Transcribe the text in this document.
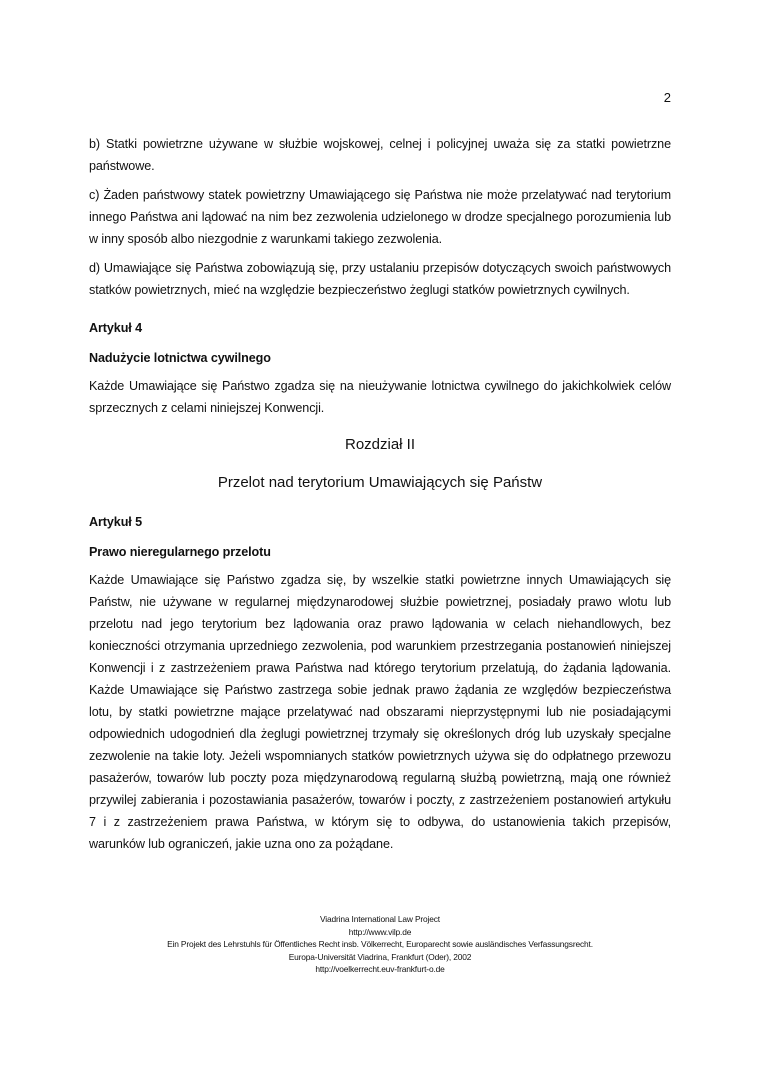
2

b) Statki powietrzne używane w służbie wojskowej, celnej i policyjnej uważa się za statki powietrzne państwowe.

c) Żaden państwowy statek powietrzny Umawiającego się Państwa nie może przelatywać nad terytorium innego Państwa ani lądować na nim bez zezwolenia udzielonego w drodze specjalnego porozumienia lub w inny sposób albo niezgodnie z warunkami takiego zezwolenia.

d) Umawiające się Państwa zobowiązują się, przy ustalaniu przepisów dotyczących swoich państwowych statków powietrznych, mieć na względzie bezpieczeństwo żeglugi statków powietrznych cywilnych.

Artykuł 4
Nadużycie lotnictwa cywilnego

Każde Umawiające się Państwo zgadza się na nieużywanie lotnictwa cywilnego do jakichkolwiek celów sprzecznych z celami niniejszej Konwencji.

Rozdział II
Przelot nad terytorium Umawiających się Państw
Artykuł 5
Prawo nieregularnego przelotu

Każde Umawiające się Państwo zgadza się, by wszelkie statki powietrzne innych Umawiających się Państw, nie używane w regularnej międzynarodowej służbie powietrznej, posiadały prawo wlotu lub przelotu nad jego terytorium bez lądowania oraz prawo lądowania w celach niehandlowych, bez konieczności otrzymania uprzedniego zezwolenia, pod warunkiem przestrzegania postanowień niniejszej Konwencji i z zastrzeżeniem prawa Państwa nad którego terytorium przelatują, do żądania lądowania. Każde Umawiające się Państwo zastrzega sobie jednak prawo żądania ze względów bezpieczeństwa lotu, by statki powietrzne mające przelatywać nad obszarami nieprzystępnymi lub nie posiadającymi odpowiednich udogodnień dla żeglugi powietrznej trzymały się określonych dróg lub uzyskały specjalne zezwolenie na takie loty. Jeżeli wspomnianych statków powietrznych używa się do odpłatnego przewozu pasażerów, towarów lub poczty poza międzynarodową regularną służbą powietrzną, mają one również przywilej zabierania i pozostawiania pasażerów, towarów i poczty, z zastrzeżeniem postanowień artykułu 7 i z zastrzeżeniem prawa Państwa, w którym się to odbywa, do ustanowienia takich przepisów, warunków lub ograniczeń, jakie uzna ono za pożądane.

Viadrina International Law Project
http://www.vilp.de
Ein Projekt des Lehrstuhls für Öffentliches Recht insb. Völkerrecht, Europarecht sowie ausländisches Verfassungsrecht.
Europa-Universität Viadrina, Frankfurt (Oder), 2002
http://voelkerrecht.euv-frankfurt-o.de
